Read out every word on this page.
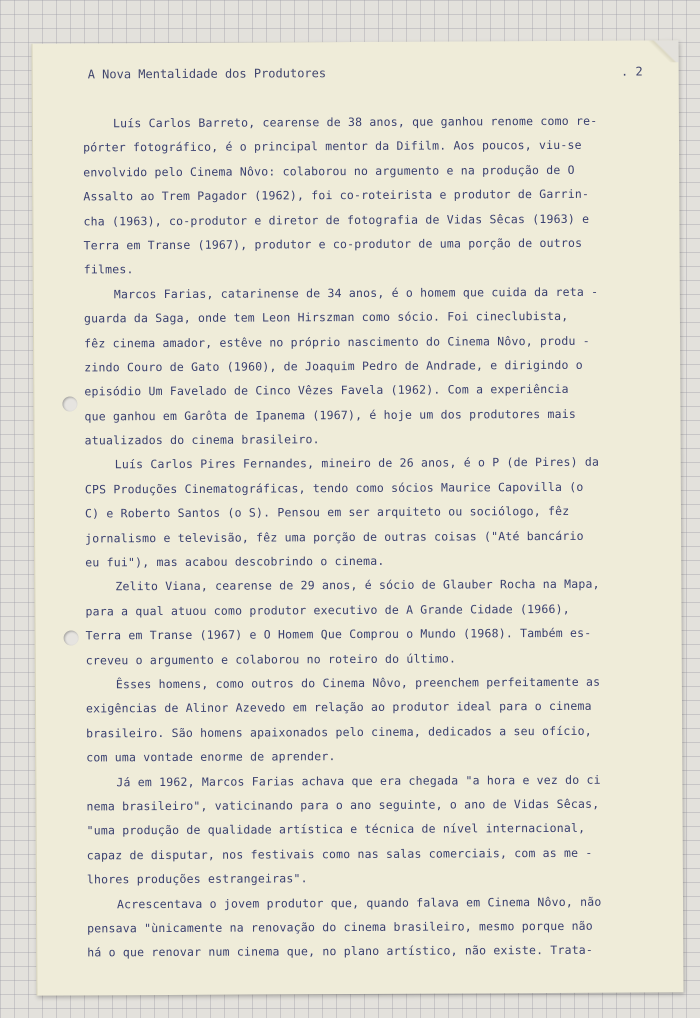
A Nova Mentalidade dos Produtores	. 2
Luís Carlos Barreto, cearense de 38 anos, que ganhou renome como re-
pórter fotográfico, é o principal mentor da Difilm. Aos poucos, viu-se
envolvido pelo Cinema Nôvo: colaborou no argumento e na produção de O
Assalto ao Trem Pagador (1962), foi co-roteirista e produtor de Garrin-
cha (1963), co-produtor e diretor de fotografia de Vidas Sêcas (1963) e
Terra em Transe (1967), produtor e co-produtor de uma porção de outros
filmes.
Marcos Farias, catarinense de 34 anos, é o homem que cuida da reta -
guarda da Saga, onde tem Leon Hirszman como sócio. Foi cineclubista,
fêz cinema amador, estêve no próprio nascimento do Cinema Nôvo, produ -
zindo Couro de Gato (1960), de Joaquim Pedro de Andrade, e dirigindo o
episódio Um Favelado de Cinco Vêzes Favela (1962). Com a experiência
que ganhou em Garôta de Ipanema (1967), é hoje um dos produtores mais
atualizados do cinema brasileiro.
Luís Carlos Pires Fernandes, mineiro de 26 anos, é o P (de Pires) da
CPS Produções Cinematográficas, tendo como sócios Maurice Capovilla (o
C) e Roberto Santos (o S). Pensou em ser arquiteto ou sociólogo, fêz
jornalismo e televisão, fêz uma porção de outras coisas ("Até bancário
eu fui"), mas acabou descobrindo o cinema.
Zelito Viana, cearense de 29 anos, é sócio de Glauber Rocha na Mapa,
para a qual atuou como produtor executivo de A Grande Cidade (1966),
Terra em Transe (1967) e O Homem Que Comprou o Mundo (1968). Também es-
creveu o argumento e colaborou no roteiro do último.
Êsses homens, como outros do Cinema Nôvo, preenchem perfeitamente as
exigências de Alinor Azevedo em relação ao produtor ideal para o cinema
brasileiro. São homens apaixonados pelo cinema, dedicados a seu ofício,
com uma vontade enorme de aprender.
Já em 1962, Marcos Farias achava que era chegada "a hora e vez do ci
nema brasileiro", vaticinando para o ano seguinte, o ano de Vidas Sêcas,
"uma produção de qualidade artística e técnica de nível internacional,
capaz de disputar, nos festivais como nas salas comerciais, com as me -
lhores produções estrangeiras".
Acrescentava o jovem produtor que, quando falava em Cinema Nôvo, não
pensava "ùnicamente na renovação do cinema brasileiro, mesmo porque não
há o que renovar num cinema que, no plano artístico, não existe. Trata-
